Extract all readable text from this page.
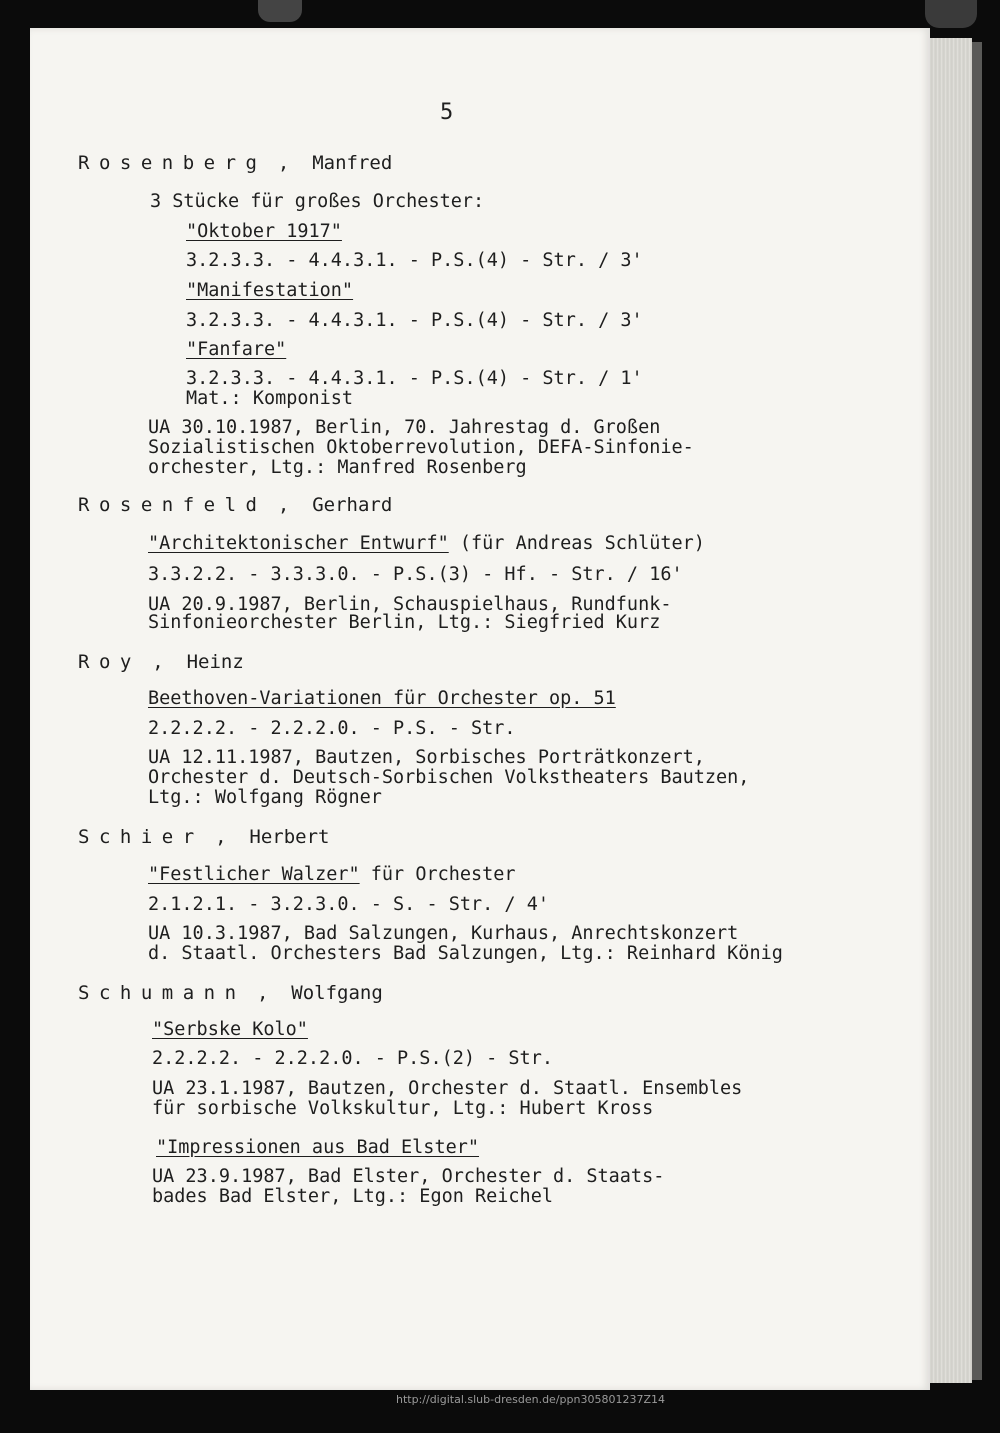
5
Rosenberg ,  Manfred
3 Stücke für großes Orchester:
"Oktober 1917"
3.2.3.3. - 4.4.3.1. - P.S.(4) - Str. / 3'
"Manifestation"
3.2.3.3. - 4.4.3.1. - P.S.(4) - Str. / 3'
"Fanfare"
3.2.3.3. - 4.4.3.1. - P.S.(4) - Str. / 1'
Mat.: Komponist
UA 30.10.1987, Berlin, 70. Jahrestag d. Großen
Sozialistischen Oktoberrevolution, DEFA-Sinfonie-
orchester, Ltg.: Manfred Rosenberg
Rosenfeld ,  Gerhard
"Architektonischer Entwurf" (für Andreas Schlüter)
3.3.2.2. - 3.3.3.0. - P.S.(3) - Hf. - Str. / 16'
UA 20.9.1987, Berlin, Schauspielhaus, Rundfunk-
Sinfonieorchester Berlin, Ltg.: Siegfried Kurz
Roy ,  Heinz
Beethoven-Variationen für Orchester op. 51
2.2.2.2. - 2.2.2.0. - P.S. - Str.
UA 12.11.1987, Bautzen, Sorbisches Porträtkonzert,
Orchester d. Deutsch-Sorbischen Volkstheaters Bautzen,
Ltg.: Wolfgang Rögner
Schier ,  Herbert
"Festlicher Walzer" für Orchester
2.1.2.1. - 3.2.3.0. - S. - Str. / 4'
UA 10.3.1987, Bad Salzungen, Kurhaus, Anrechtskonzert
d. Staatl. Orchesters Bad Salzungen, Ltg.: Reinhard König
Schumann ,  Wolfgang
"Serbske Kolo"
2.2.2.2. - 2.2.2.0. - P.S.(2) - Str.
UA 23.1.1987, Bautzen, Orchester d. Staatl. Ensembles
für sorbische Volkskultur, Ltg.: Hubert Kross
"Impressionen aus Bad Elster"
UA 23.9.1987, Bad Elster, Orchester d. Staats-
bades Bad Elster, Ltg.: Egon Reichel
http://digital.slub-dresden.de/ppn305801237Z14
